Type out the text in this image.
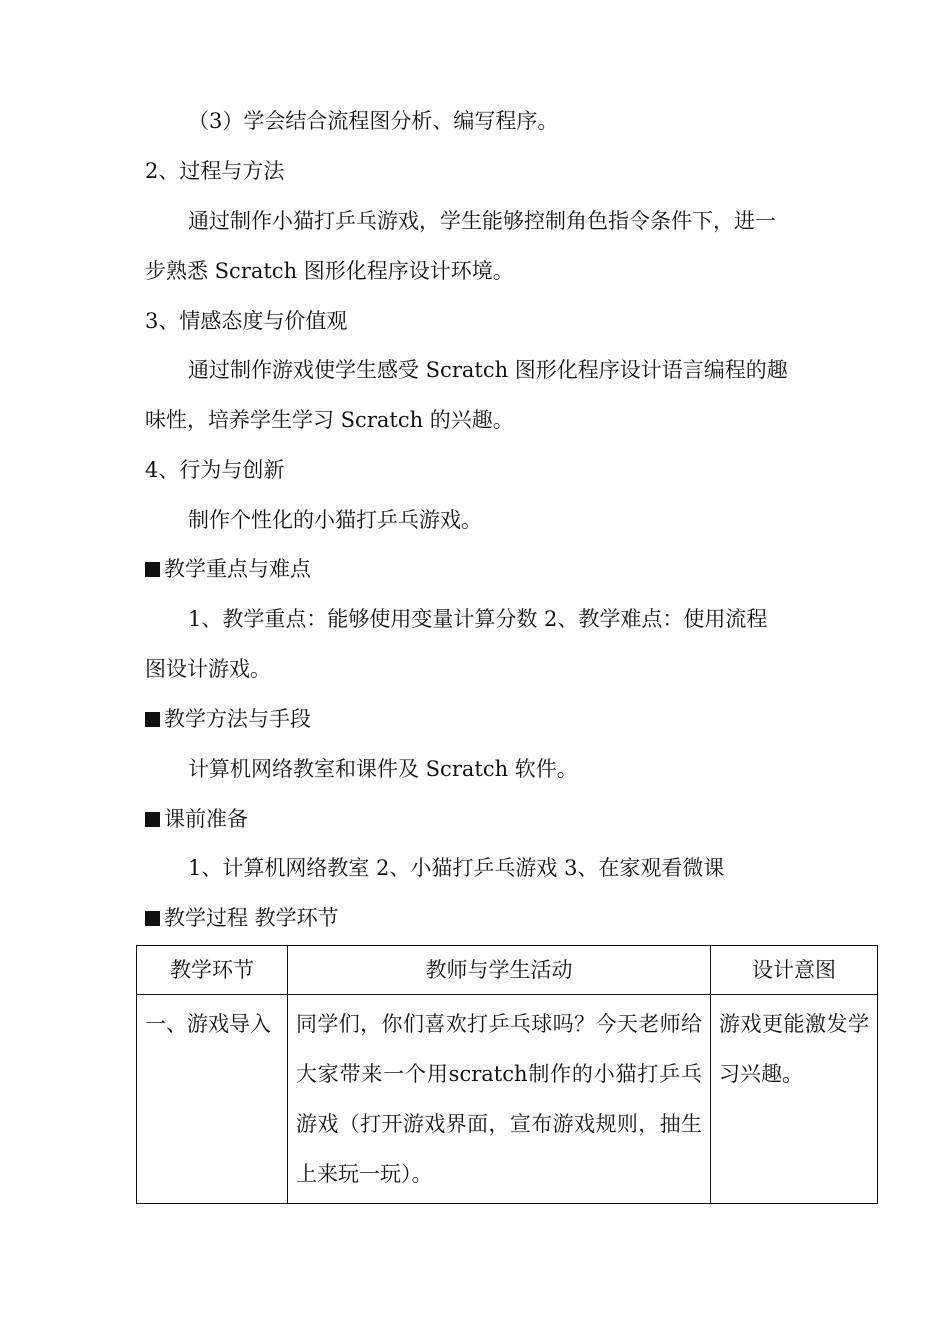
（3）学会结合流程图分析、编写程序。

2、过程与方法

通过制作小猫打乒乓游戏，学生能够控制角色指令条件下，进一

步熟悉 Scratch 图形化程序设计环境。

3、情感态度与价值观

通过制作游戏使学生感受 Scratch 图形化程序设计语言编程的趣

味性，培养学生学习 Scratch 的兴趣。

4、行为与创新

制作个性化的小猫打乒乓游戏。

教学重点与难点

1、教学重点：能够使用变量计算分数 2、教学难点：使用流程

图设计游戏。

教学方法与手段

计算机网络教室和课件及 Scratch 软件。

课前准备

1、计算机网络教室 2、小猫打乒乓游戏 3、在家观看微课

教学过程 教学环节

教学环节	教师与学生活动	设计意图

一、游戏导入	同学们，你们喜欢打乒乓球吗？今天老师给大家带来一个用scratch制作的小猫打乒乓游戏（打开游戏界面，宣布游戏规则，抽生上来玩一玩）。	游戏更能激发学习兴趣。
